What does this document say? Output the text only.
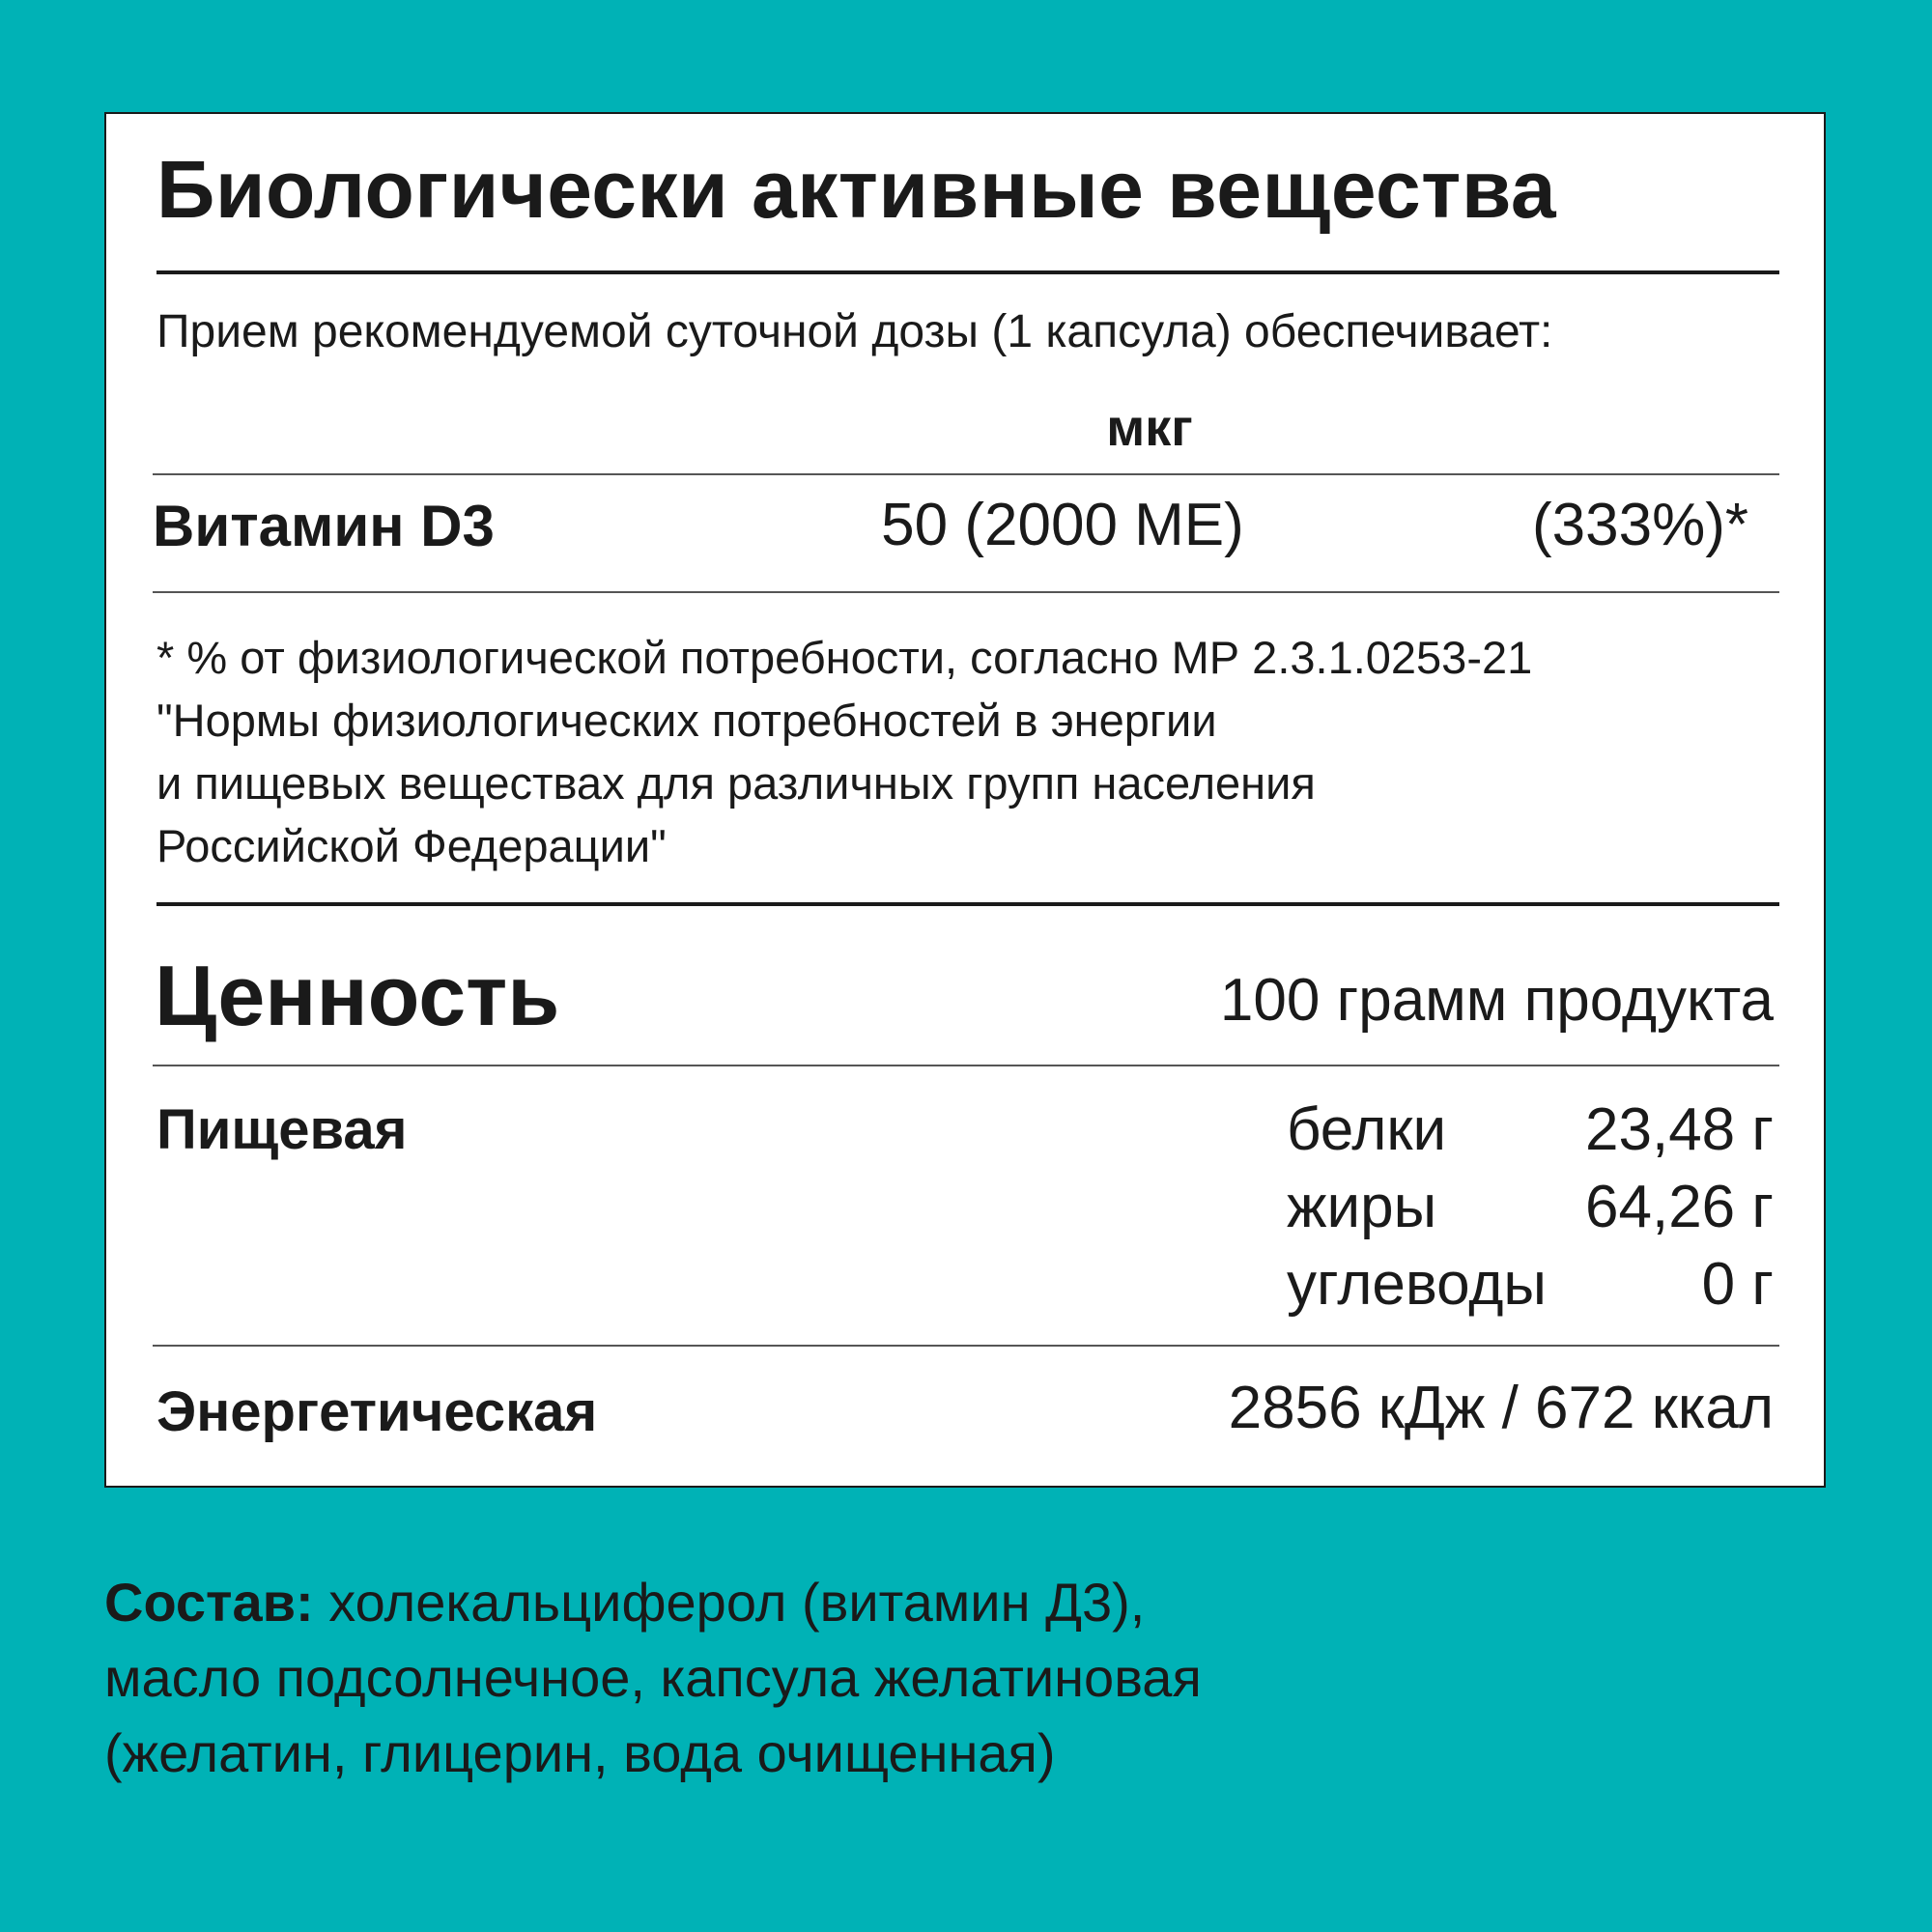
Биологически активные вещества
Прием рекомендуемой суточной дозы (1 капсула) обеспечивает:
мкг
Витамин D3	50 (2000 МЕ)	(333%)*
* % от физиологической потребности, согласно МР 2.3.1.0253-21
"Нормы физиологических потребностей в энергии
и пищевых веществах для различных групп населения
Российской Федерации"
Ценность	100 грамм продукта
Пищевая	белки	23,48 г
жиры	64,26 г
углеводы	0 г
Энергетическая	2856 кДж / 672 ккал
Состав: холекальциферол (витамин Д3),
масло подсолнечное, капсула желатиновая
(желатин, глицерин, вода очищенная)
